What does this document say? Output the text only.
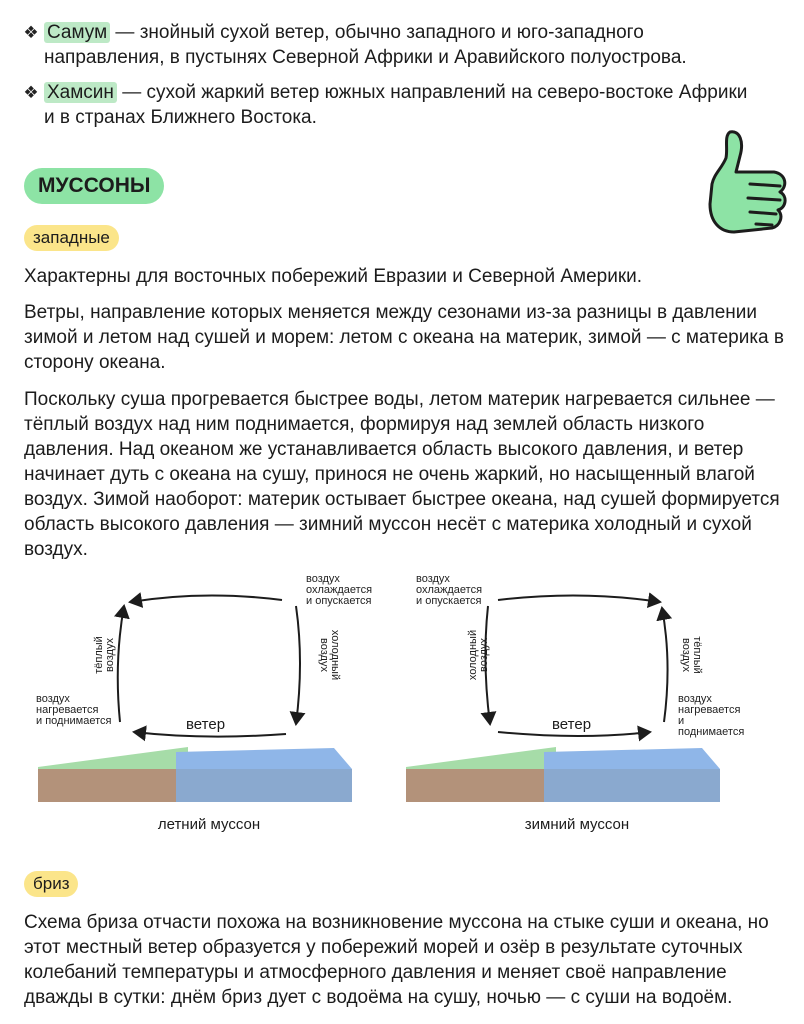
❖ Самум — знойный сухой ветер, обычно западного и юго-западного направления, в пустынях Северной Африки и Аравийского полуострова.
❖ Хамсин — сухой жаркий ветер южных направлений на северо-востоке Африки и в странах Ближнего Востока.
МУССОНЫ
западные
Характерны для восточных побережий Евразии и Северной Америки.
Ветры, направление которых меняется между сезонами из-за разницы в давлении зимой и летом над сушей и морем: летом с океана на материк, зимой — с материка в сторону океана.
Поскольку суша прогревается быстрее воды, летом материк нагревается сильнее — тёплый воздух над ним поднимается, формируя над землей область низкого давления. Над океаном же устанавливается область высокого давления, и ветер начинает дуть с океана на сушу, принося не очень жаркий, но насыщенный влагой воздух. Зимой наоборот: материк остывает быстрее океана, над сушей формируется область высокого давления — зимний муссон несёт с материка холодный и сухой воздух.
воздух
охлаждается
и опускается
тёплый
воздух	холодный
воздух
воздух
нагревается
и поднимается	ветер
летний муссон
воздух
охлаждается
и опускается
холодный
воздух	тёплый
воздух
воздух
нагревается
и поднимается
ветер
зимний муссон
бриз
Схема бриза отчасти похожа на возникновение муссона на стыке суши и океана, но этот местный ветер образуется у побережий морей и озёр в результате суточных колебаний температуры и атмосферного давления и меняет своё направление дважды в сутки: днём бриз дует с водоёма на сушу, ночью — с суши на водоём.
